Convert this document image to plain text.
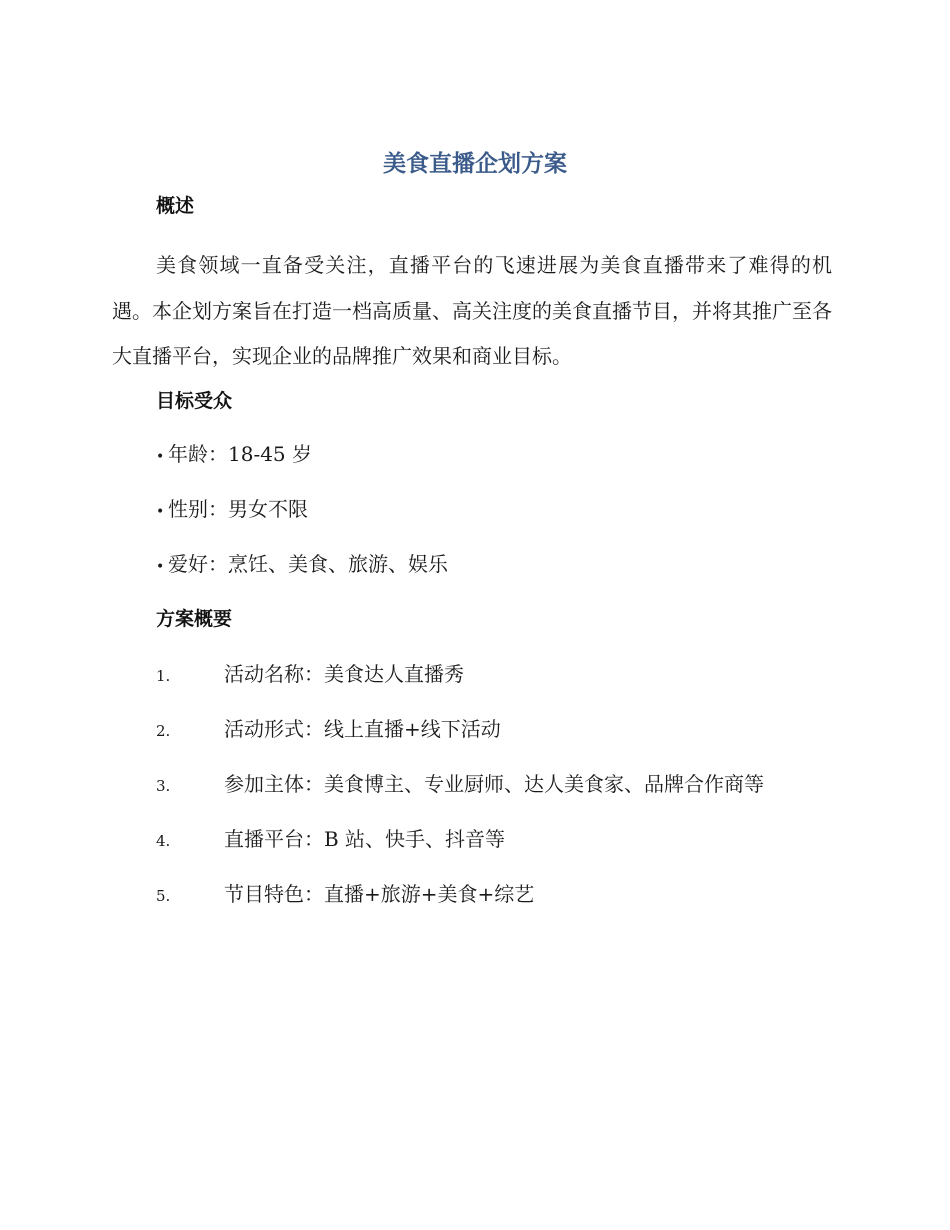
美食直播企划方案
概述

美食领域一直备受关注，直播平台的飞速进展为美食直播带来了难得的机遇。本企划方案旨在打造一档高质量、高关注度的美食直播节目，并将其推广至各大直播平台，实现企业的品牌推广效果和商业目标。

目标受众

• 年龄：18-45 岁

• 性别：男女不限

• 爱好：烹饪、美食、旅游、娱乐

方案概要

1.	活动名称：美食达人直播秀

2.	活动形式：线上直播+线下活动

3.	参加主体：美食博主、专业厨师、达人美食家、品牌合作商等

4.	直播平台：B 站、快手、抖音等

5.	节目特色：直播+旅游+美食+综艺
